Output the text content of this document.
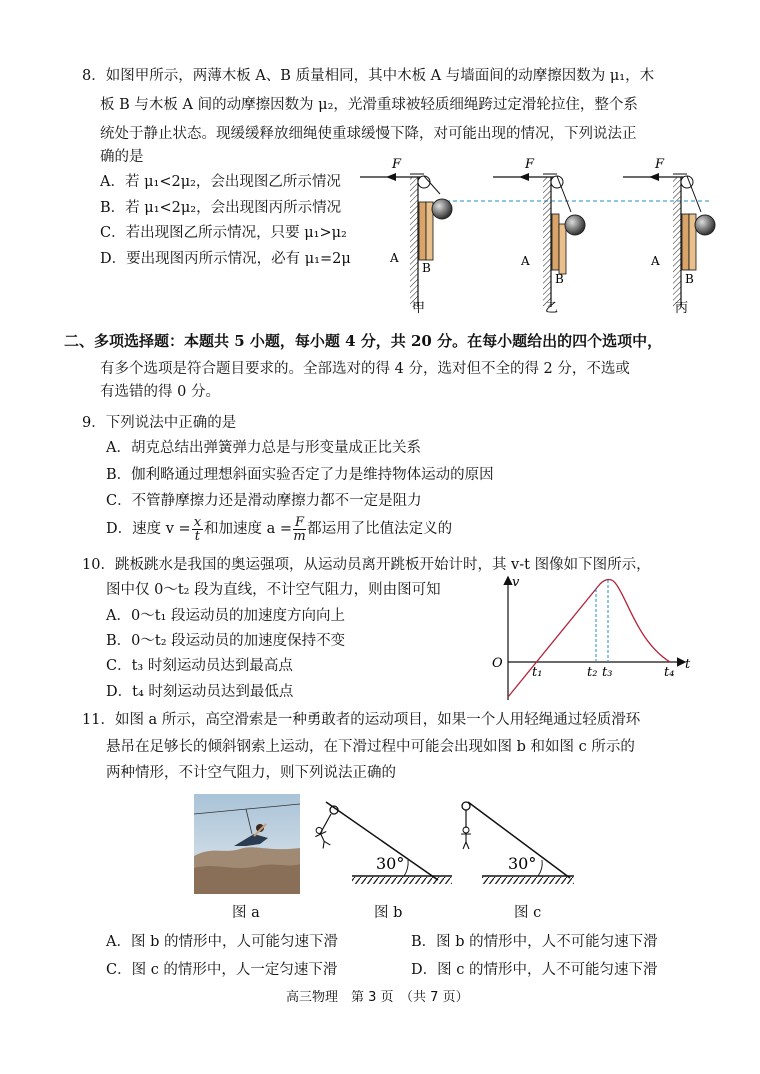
8．如图甲所示，两薄木板 A、B 质量相同，其中木板 A 与墙面间的动摩擦因数为 μ₁，木
板 B 与木板 A 间的动摩擦因数为 μ₂，光滑重球被轻质细绳跨过定滑轮拉住，整个系
统处于静止状态。现缓缓释放细绳使重球缓慢下降，对可能出现的情况，下列说法正
确的是
A．若 μ₁<2μ₂，会出现图乙所示情况
B．若 μ₁<2μ₂，会出现图丙所示情况
C．若出现图乙所示情况，只要 μ₁>μ₂
D．要出现图丙所示情况，必有 μ₁=2μ
F
A
B
甲
F
A
B
乙
F
A
B
丙
二、多项选择题：本题共 5 小题，每小题 4 分，共 20 分。在每小题给出的四个选项中，
有多个选项是符合题目要求的。全部选对的得 4 分，选对但不全的得 2 分，不选或
有选错的得 0 分。
9．下列说法中正确的是
A．胡克总结出弹簧弹力总是与形变量成正比关系
B．伽利略通过理想斜面实验否定了力是维持物体运动的原因
C．不管静摩擦力还是滑动摩擦力都不一定是阻力
D．速度 $v = \frac{x}{t}$ 和加速度 $a = \frac{F}{m}$ 都运用了比值法定义的
10．跳板跳水是我国的奥运强项，从运动员离开跳板开始计时，其 v-t 图像如下图所示，
图中仅 0～t₂ 段为直线，不计空气阻力，则由图可知
A．0～t₁ 段运动员的加速度方向向上
B．0～t₂ 段运动员的加速度保持不变
C．t₃ 时刻运动员达到最高点
D．t₄ 时刻运动员达到最低点
v
t
O
t₁	t₂ t₃	t₄
11．如图 a 所示，高空滑索是一种勇敢者的运动项目，如果一个人用轻绳通过轻质滑环
悬吊在足够长的倾斜钢索上运动，在下滑过程中可能会出现如图 b 和如图 c 所示的
两种情形，不计空气阻力，则下列说法正确的
30°	30°
图 a	图 b	图 c
A．图 b 的情形中，人可能匀速下滑	B．图 b 的情形中，人不可能匀速下滑
C．图 c 的情形中，人一定匀速下滑	D．图 c 的情形中，人不可能匀速下滑
高三物理　第 3 页　（共 7 页）
